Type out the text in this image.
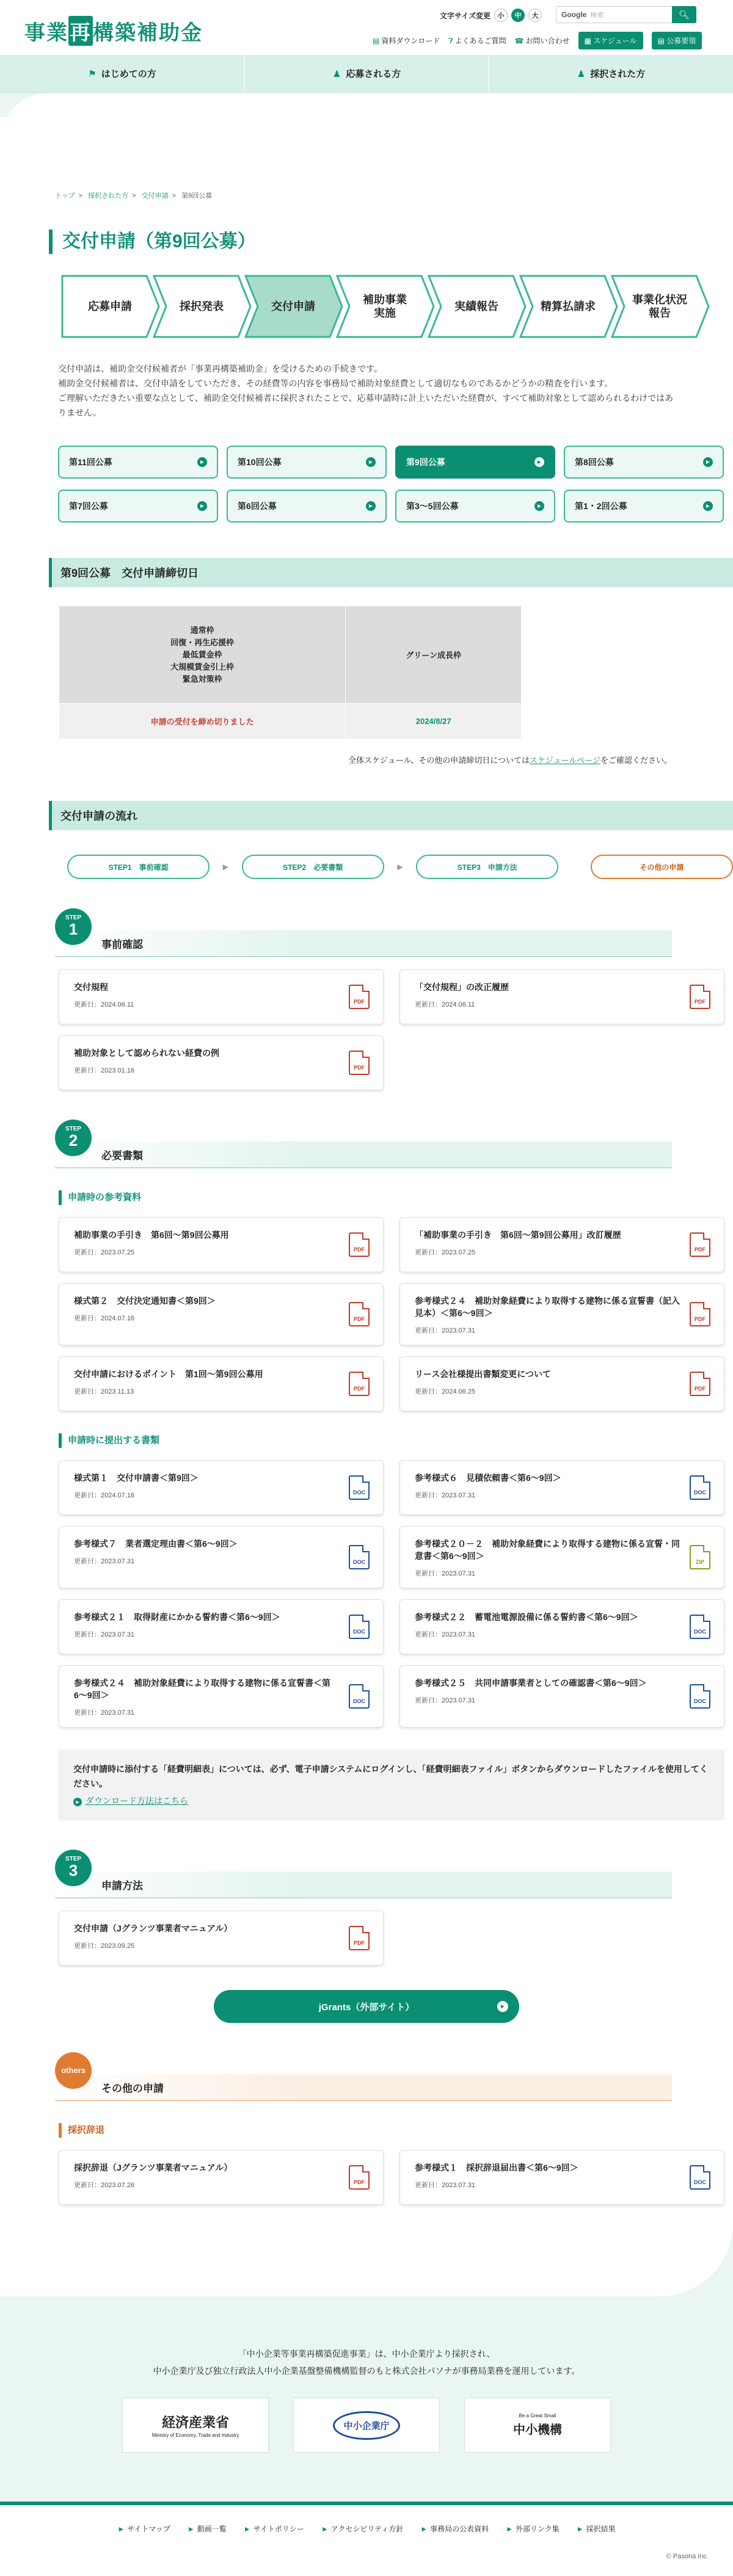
事業再構築補助金
文字サイズ変更	小	中	大	Google 検索	🔍︎
▤ 資料ダウンロード ❓︎ よくあるご質問 ☎ お問い合わせ	▦ スケジュール	▤ 公募要領
⚑ はじめての方	♟ 応募される方	♟ 採択された方
トップ > 採択された方 > 交付申請 > 第9回公募
交付申請（第9回公募）
応募申請	採択発表	交付申請
補助事業
実施
実績報告	精算払請求
事業化状況
報告

交付申請は、補助金交付候補者が「事業再構築補助金」を受けるための手続きです。

補助金交付候補者は、交付申請をしていただき、その経費等の内容を事務局で補助対象経費として適切なものであるかどうかの精査を行います。

ご理解いただきたい重要な点として、補助金交付候補者に採択されたことで、応募申請時に計上いただいた経費が、すべて補助対象として認められるわけではありません。

第11回公募	►	第10回公募	►	第9回公募	►	第8回公募	►
第7回公募	►	第6回公募	►	第3〜5回公募	►	第1・2回公募	►
第9回公募　交付申請締切日
通常枠
回復・再生応援枠
最低賃金枠
大規模賃金引上枠
緊急対策枠	グリーン成長枠
申請の受付を締め切りました	2024/8/27

全体スケジュール、その他の申請締切日についてはスケジュールページをご確認ください。

交付申請の流れ
STEP1　事前確認	▶	STEP2　必要書類	▶	STEP3　申請方法	その他の申請
事前確認
STEP
1
交付規程
更新日：2024.06.11	PDF
「交付規程」の改正履歴
更新日：2024.06.11	PDF
補助対象として認められない経費の例
更新日：2023.01.16	PDF
必要書類
STEP
2
申請時の参考資料
補助事業の手引き　第6回〜第9回公募用
更新日：2023.07.25	PDF
「補助事業の手引き　第6回〜第9回公募用」改訂履歴
更新日：2023.07.25	PDF
様式第２　交付決定通知書＜第9回＞
更新日：2024.07.16	PDF
参考様式２４　補助対象経費により取得する建物に係る宣誓書（記入見本）＜第6〜9回＞
更新日：2023.07.31
PDF
交付申請におけるポイント　第1回〜第9回公募用
更新日：2023.11.13	PDF
リース会社様提出書類変更について
更新日：2024.06.25	PDF
申請時に提出する書類
様式第１　交付申請書＜第9回＞
更新日：2024.07.16	DOC
参考様式６　見積依頼書＜第6〜9回＞
更新日：2023.07.31	DOC
参考様式７　業者選定理由書＜第6〜9回＞
更新日：2023.07.31	DOC
参考様式２０－２　補助対象経費により取得する建物に係る宣誓・同意書＜第6〜9回＞
更新日：2023.07.31
ZIP
参考様式２１　取得財産にかかる誓約書＜第6〜9回＞
更新日：2023.07.31	DOC
参考様式２２　蓄電池電源設備に係る誓約書＜第6〜9回＞
更新日：2023.07.31	DOC
参考様式２４　補助対象経費により取得する建物に係る宣誓書＜第6〜9回＞
更新日：2023.07.31
DOC
参考様式２５　共同申請事業者としての確認書＜第6〜9回＞
更新日：2023.07.31	DOC

交付申請時に添付する「経費明細表」については、必ず、電子申請システムにログインし、「経費明細表ファイル」ボタンからダウンロードしたファイルを使用してください。

► ダウンロード方法はこちら
申請方法
STEP
3
交付申請（Jグランツ事業者マニュアル）
更新日：2023.09.25	PDF
jGrants（外部サイト）	►
その他の申請
others
採択辞退
採択辞退（Jグランツ事業者マニュアル）
更新日：2023.07.26	PDF
参考様式１　採択辞退届出書＜第6〜9回＞
更新日：2023.07.31	DOC

「中小企業等事業再構築促進事業」は、中小企業庁より採択され、

中小企業庁及び独立行政法人中小企業基盤整備機構監督のもと株式会社パソナが事務局業務を運用しています。

経済産業省
Ministry of Economy, Trade and Industry
中小企業庁
Be a Great Small
中小機構
► サイトマップ ► 動画一覧 ► サイトポリシー ► アクセシビリティ方針 ► 事務局の公表資料 ► 外部リンク集 ► 採択結果

© Pasona Inc.
